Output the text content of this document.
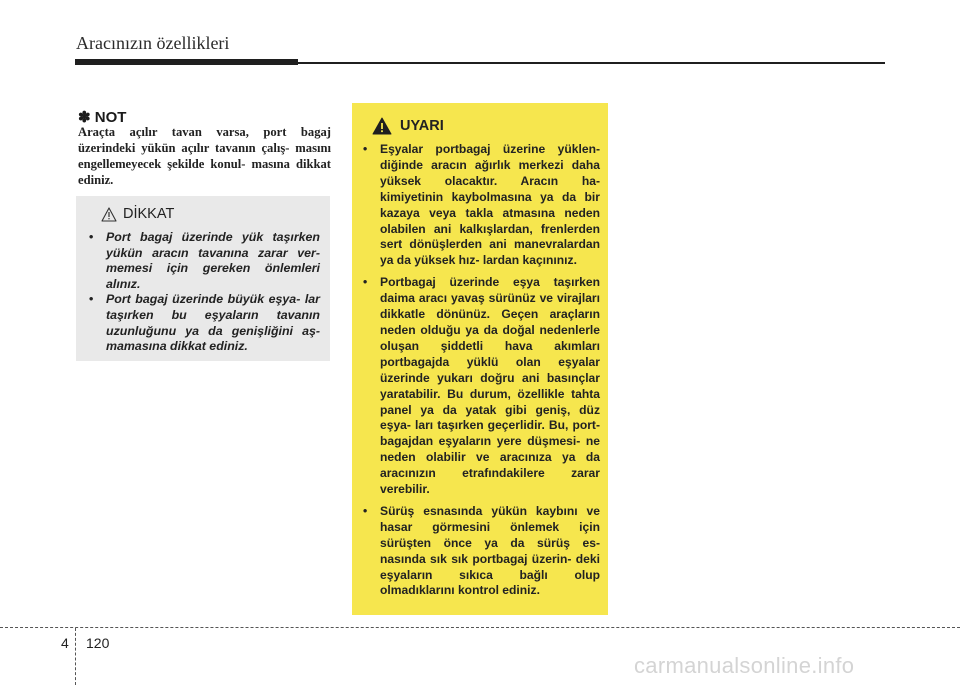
Aracınızın özellikleri
✽ NOT

Araçta açılır tavan varsa, port bagaj üzerindeki yükün açılır tavanın çalış- masını engellemeyecek şekilde konul- masına dikkat ediniz.

DİKKAT
• Port bagaj üzerinde yük taşırken yükün aracın tavanına zarar ver- memesi için gereken önlemleri alınız.
• Port bagaj üzerinde büyük eşya- lar taşırken bu eşyaların tavanın uzunluğunu ya da genişliğini aş- mamasına dikkat ediniz.
UYARI
• Eşyalar portbagaj üzerine yüklen- diğinde aracın ağırlık merkezi daha yüksek olacaktır. Aracın ha- kimiyetinin kaybolmasına ya da bir kazaya veya takla atmasına neden olabilen ani kalkışlardan, frenlerden sert dönüşlerden ani manevralardan ya da yüksek hız- lardan kaçınınız.
• Portbagaj üzerinde eşya taşırken daima aracı yavaş sürünüz ve virajları dikkatle dönünüz. Geçen araçların neden olduğu ya da doğal nedenlerle oluşan şiddetli hava akımları portbagajda yüklü olan eşyalar üzerinde yukarı doğru ani basınçlar yaratabilir. Bu durum, özellikle tahta panel ya da yatak gibi geniş, düz eşya- ları taşırken geçerlidir. Bu, port- bagajdan eşyaların yere düşmesi- ne neden olabilir ve aracınıza ya da aracınızın etrafındakilere zarar verebilir.
• Sürüş esnasında yükün kaybını ve hasar görmesini önlemek için sürüşten önce ya da sürüş es- nasında sık sık portbagaj üzerin- deki eşyaların sıkıca bağlı olup olmadıklarını kontrol ediniz.
4 120
carmanualsonline.info
